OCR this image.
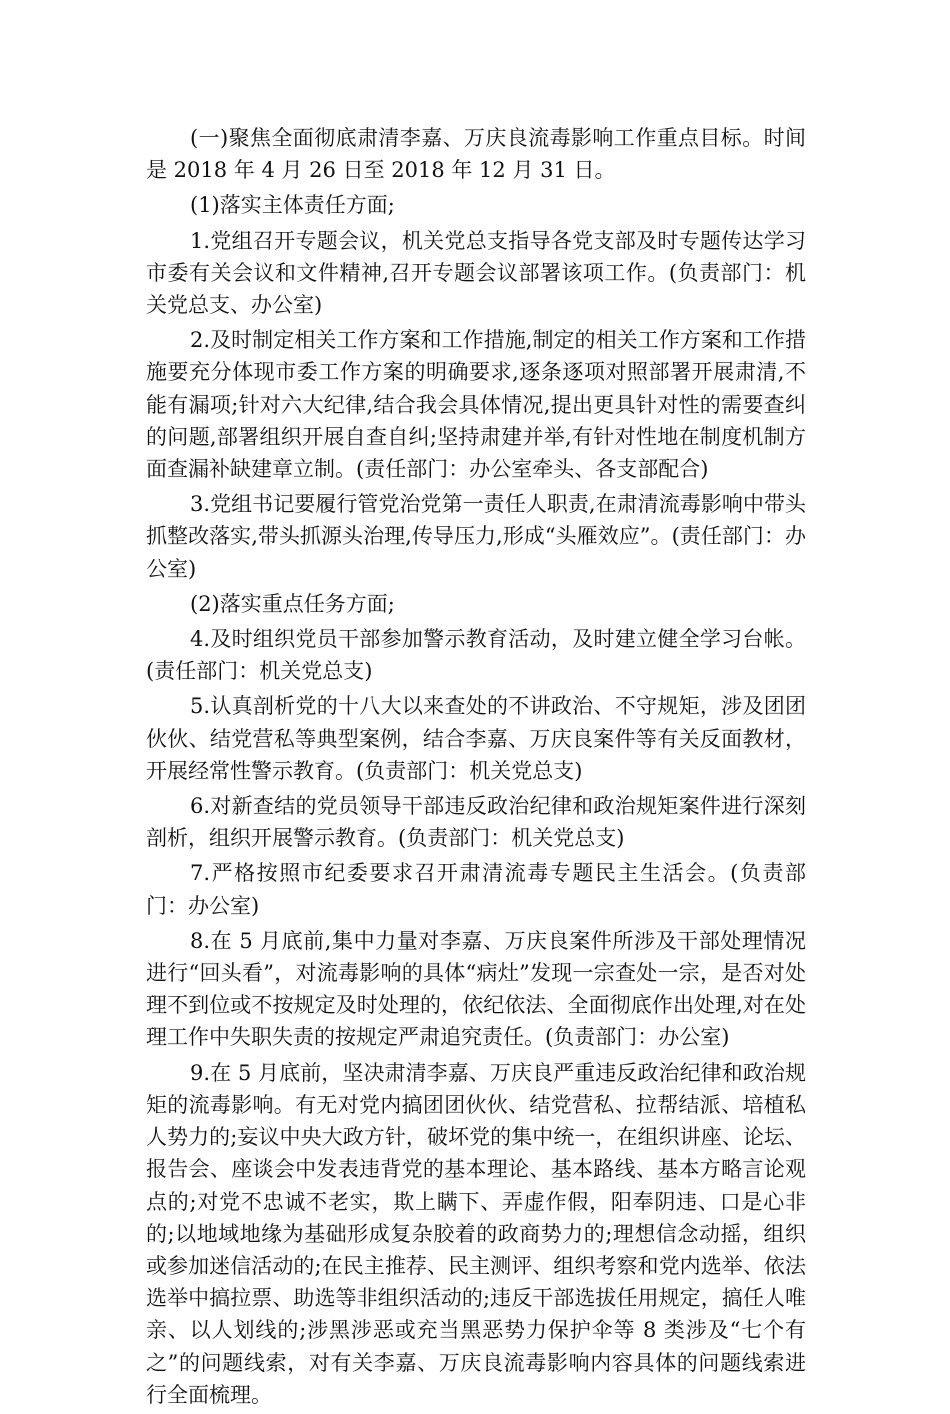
(一)聚焦全面彻底肃清李嘉、万庆良流毒影响工作重点目标。时间是 2018 年 4 月 26 日至 2018 年 12 月 31 日。

(1)落实主体责任方面;

1.党组召开专题会议，机关党总支指导各党支部及时专题传达学习市委有关会议和文件精神,召开专题会议部署该项工作。(负责部门：机关党总支、办公室)

2.及时制定相关工作方案和工作措施,制定的相关工作方案和工作措施要充分体现市委工作方案的明确要求,逐条逐项对照部署开展肃清,不能有漏项;针对六大纪律,结合我会具体情况,提出更具针对性的需要查纠的问题,部署组织开展自查自纠;坚持肃建并举,有针对性地在制度机制方面查漏补缺建章立制。(责任部门：办公室牵头、各支部配合)

3.党组书记要履行管党治党第一责任人职责,在肃清流毒影响中带头抓整改落实,带头抓源头治理,传导压力,形成“头雁效应”。(责任部门：办公室)

(2)落实重点任务方面;

4.及时组织党员干部参加警示教育活动，及时建立健全学习台帐。(责任部门：机关党总支)

5.认真剖析党的十八大以来查处的不讲政治、不守规矩，涉及团团伙伙、结党营私等典型案例，结合李嘉、万庆良案件等有关反面教材，开展经常性警示教育。(负责部门：机关党总支)

6.对新查结的党员领导干部违反政治纪律和政治规矩案件进行深刻剖析，组织开展警示教育。(负责部门：机关党总支)

7.严格按照市纪委要求召开肃清流毒专题民主生活会。(负责部门：办公室)

8.在 5 月底前,集中力量对李嘉、万庆良案件所涉及干部处理情况进行“回头看”，对流毒影响的具体“病灶”发现一宗查处一宗，是否对处理不到位或不按规定及时处理的，依纪依法、全面彻底作出处理,对在处理工作中失职失责的按规定严肃追究责任。(负责部门：办公室)

9.在 5 月底前，坚决肃清李嘉、万庆良严重违反政治纪律和政治规矩的流毒影响。有无对党内搞团团伙伙、结党营私、拉帮结派、培植私人势力的;妄议中央大政方针，破坏党的集中统一，在组织讲座、论坛、报告会、座谈会中发表违背党的基本理论、基本路线、基本方略言论观点的;对党不忠诚不老实，欺上瞒下、弄虚作假，阳奉阴违、口是心非的;以地域地缘为基础形成复杂胶着的政商势力的;理想信念动摇，组织或参加迷信活动的;在民主推荐、民主测评、组织考察和党内选举、依法选举中搞拉票、助选等非组织活动的;违反干部选拔任用规定，搞任人唯亲、以人划线的;涉黑涉恶或充当黑恶势力保护伞等 8 类涉及“七个有之”的问题线索，对有关李嘉、万庆良流毒影响内容具体的问题线索进行全面梳理。
